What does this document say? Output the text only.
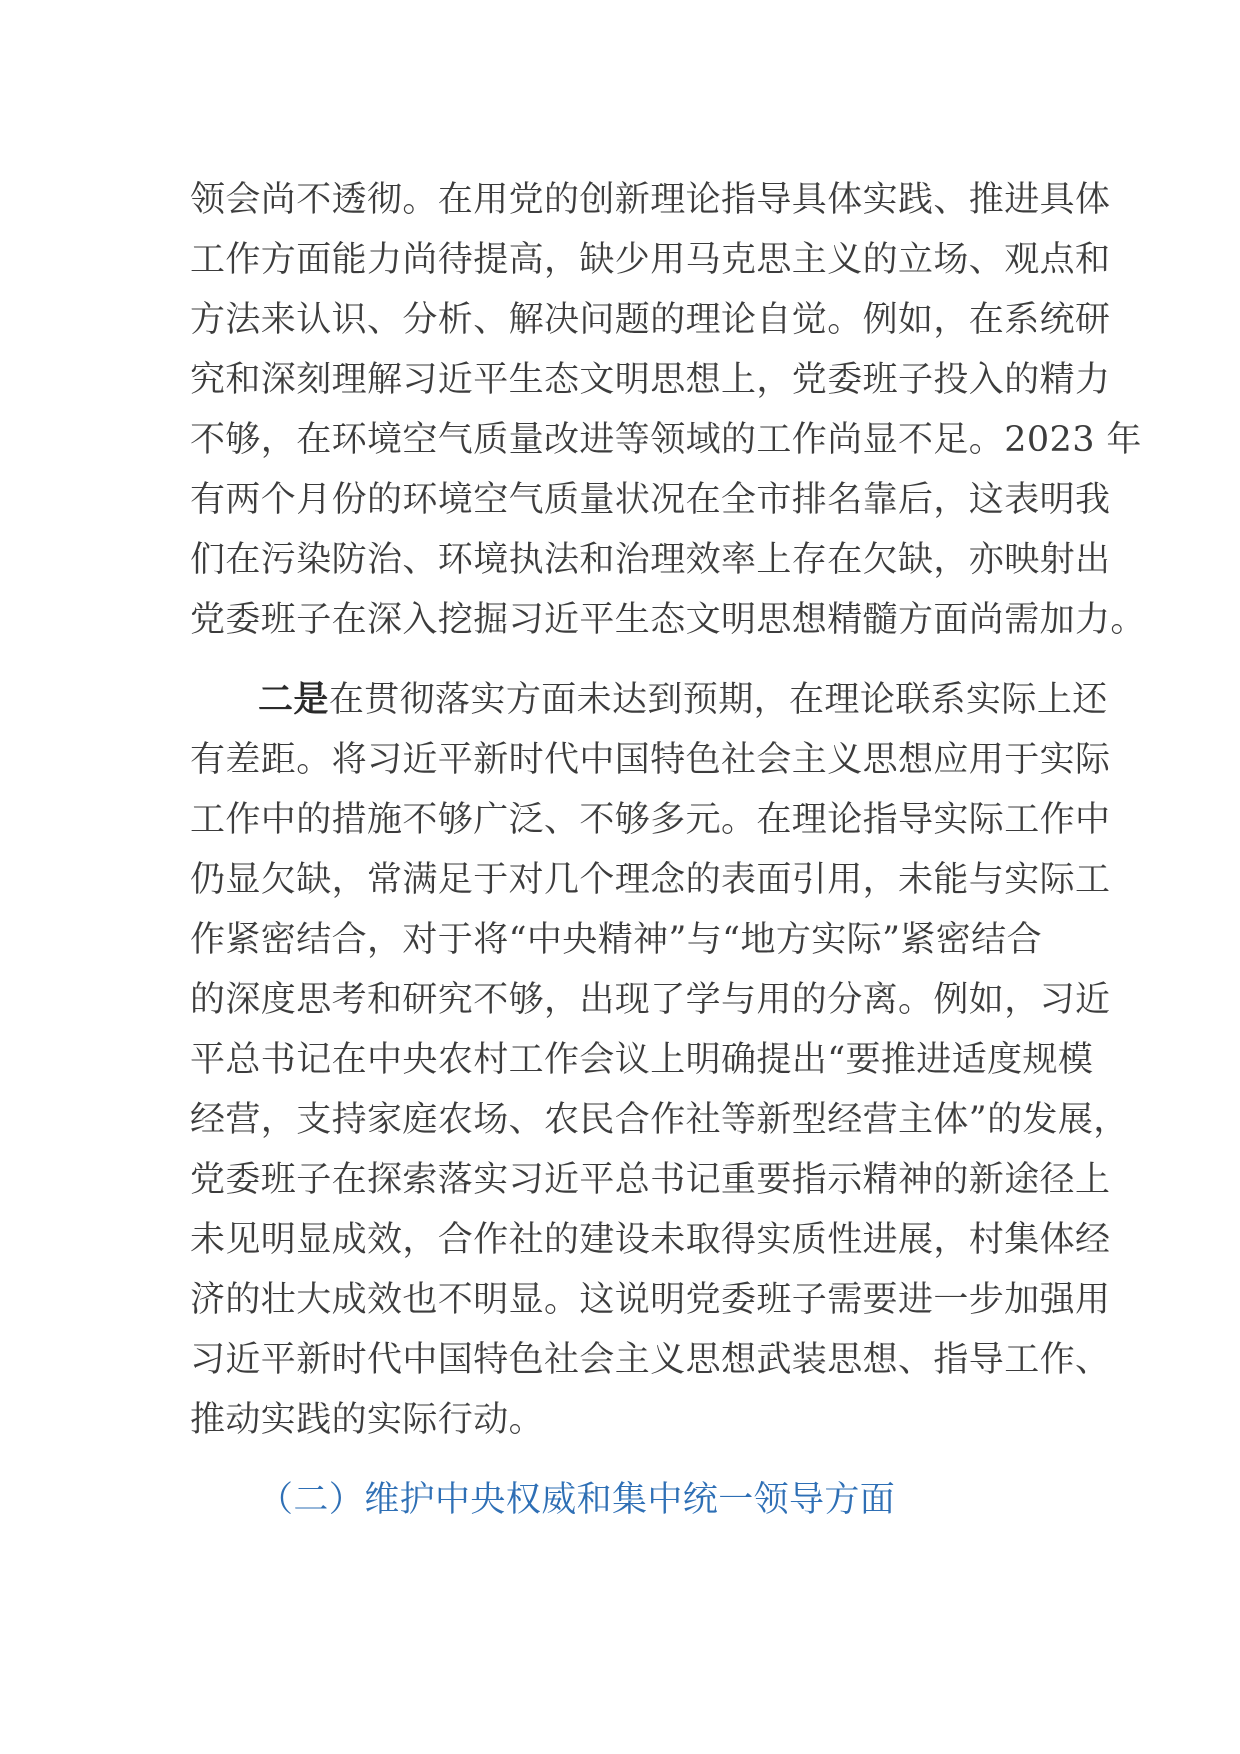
领会尚不透彻。在用党的创新理论指导具体实践、推进具体
工作方面能力尚待提高，缺少用马克思主义的立场、观点和
方法来认识、分析、解决问题的理论自觉。例如，在系统研
究和深刻理解习近平生态文明思想上，党委班子投入的精力
不够，在环境空气质量改进等领域的工作尚显不足。2023 年
有两个月份的环境空气质量状况在全市排名靠后，这表明我
们在污染防治、环境执法和治理效率上存在欠缺，亦映射出
党委班子在深入挖掘习近平生态文明思想精髓方面尚需加力。
二是在贯彻落实方面未达到预期，在理论联系实际上还
有差距。将习近平新时代中国特色社会主义思想应用于实际
工作中的措施不够广泛、不够多元。在理论指导实际工作中
仍显欠缺，常满足于对几个理念的表面引用，未能与实际工
作紧密结合，对于将“中央精神”与“地方实际”紧密结合
的深度思考和研究不够，出现了学与用的分离。例如，习近
平总书记在中央农村工作会议上明确提出“要推进适度规模
经营，支持家庭农场、农民合作社等新型经营主体”的发展，
党委班子在探索落实习近平总书记重要指示精神的新途径上
未见明显成效，合作社的建设未取得实质性进展，村集体经
济的壮大成效也不明显。这说明党委班子需要进一步加强用
习近平新时代中国特色社会主义思想武装思想、指导工作、
推动实践的实际行动。
（二）维护中央权威和集中统一领导方面
